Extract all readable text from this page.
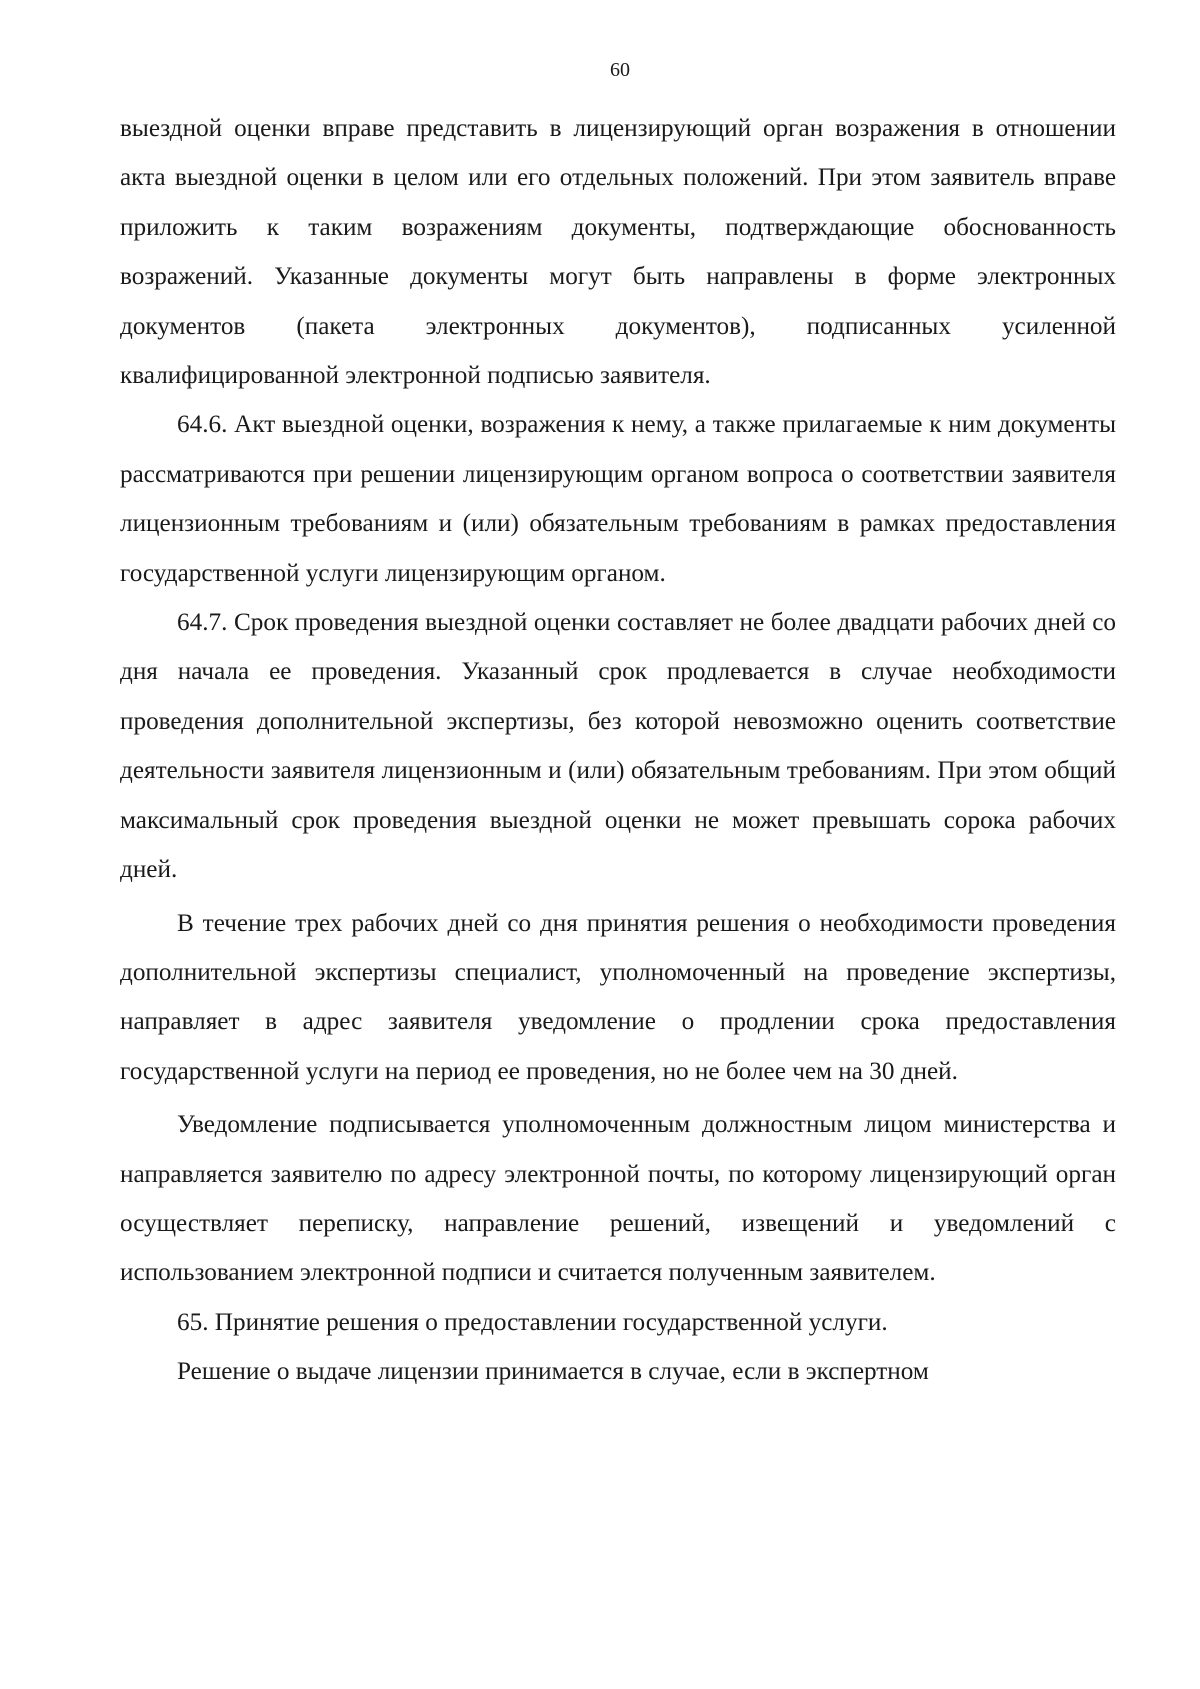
60

выездной оценки вправе представить в лицензирующий орган возражения в отношении акта выездной оценки в целом или его отдельных положений. При этом заявитель вправе приложить к таким возражениям документы, подтверждающие обоснованность возражений. Указанные документы могут быть направлены в форме электронных документов (пакета электронных документов), подписанных усиленной квалифицированной электронной подписью заявителя.

64.6. Акт выездной оценки, возражения к нему, а также прилагаемые к ним документы рассматриваются при решении лицензирующим органом вопроса о соответствии заявителя лицензионным требованиям и (или) обязательным требованиям в рамках предоставления государственной услуги лицензирующим органом.

64.7. Срок проведения выездной оценки составляет не более двадцати рабочих дней со дня начала ее проведения. Указанный срок продлевается в случае необходимости проведения дополнительной экспертизы, без которой невозможно оценить соответствие деятельности заявителя лицензионным и (или) обязательным требованиям. При этом общий максимальный срок проведения выездной оценки не может превышать сорока рабочих дней.

В течение трех рабочих дней со дня принятия решения о необходимости проведения дополнительной экспертизы специалист, уполномоченный на проведение экспертизы, направляет в адрес заявителя уведомление о продлении срока предоставления государственной услуги на период ее проведения, но не более чем на 30 дней.

Уведомление подписывается уполномоченным должностным лицом министерства и направляется заявителю по адресу электронной почты, по которому лицензирующий орган осуществляет переписку, направление решений, извещений и уведомлений с использованием электронной подписи и считается полученным заявителем.

65. Принятие решения о предоставлении государственной услуги.

Решение о выдаче лицензии принимается в случае, если в экспертном
